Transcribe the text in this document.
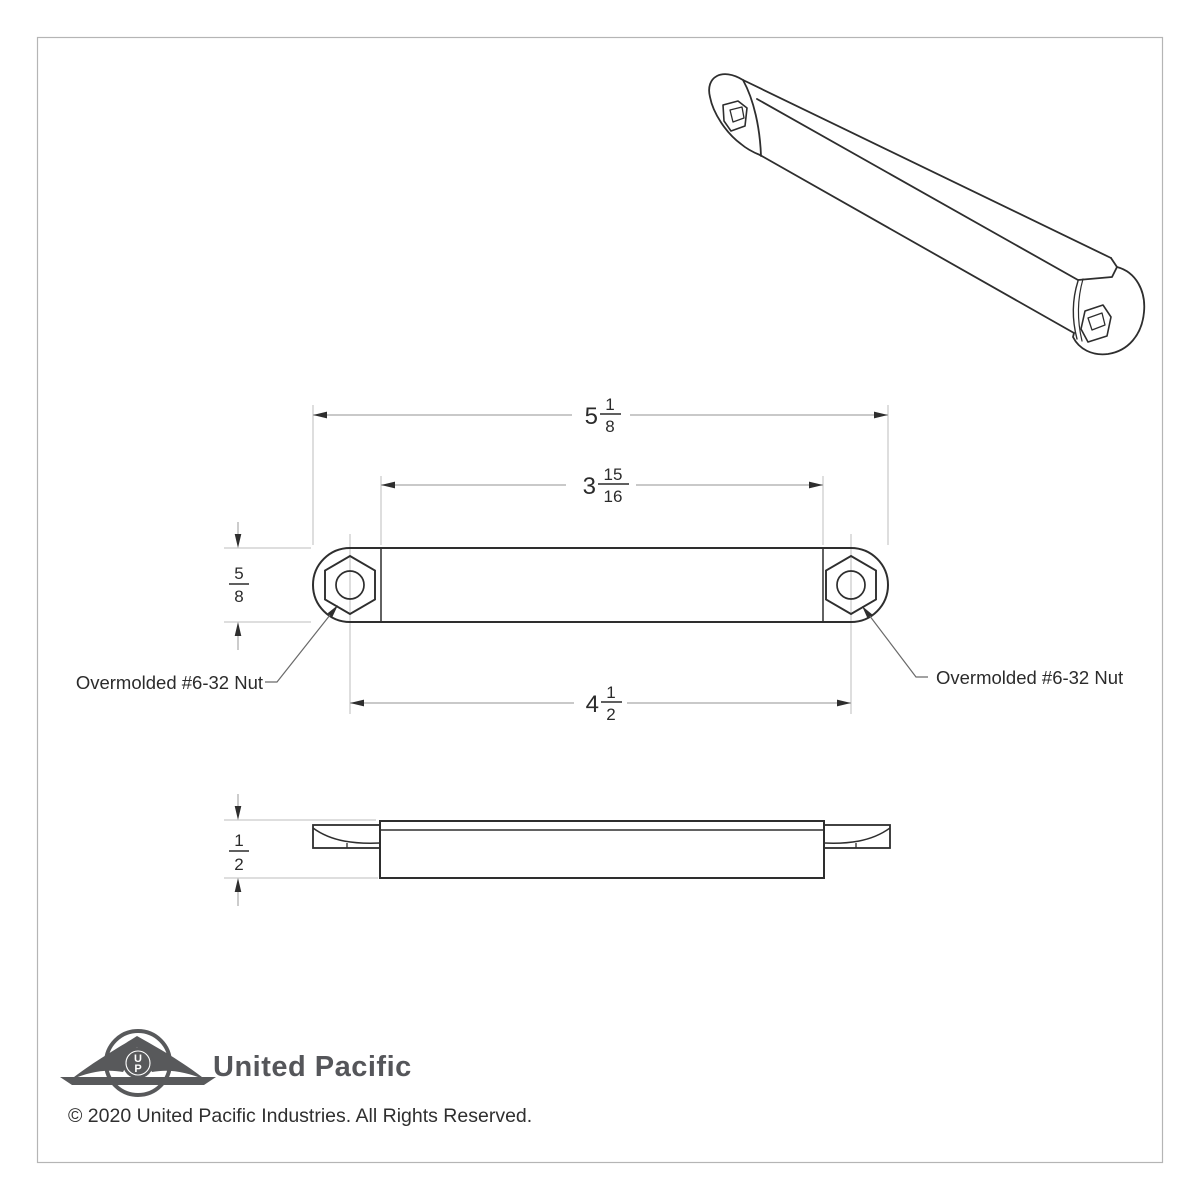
5 1
8
3 15
16
4 1
2
5
8
Overmolded #6-32 Nut	Overmolded #6-32 Nut
1
2
U
P United Pacific
© 2020 United Pacific Industries. All Rights Reserved.
